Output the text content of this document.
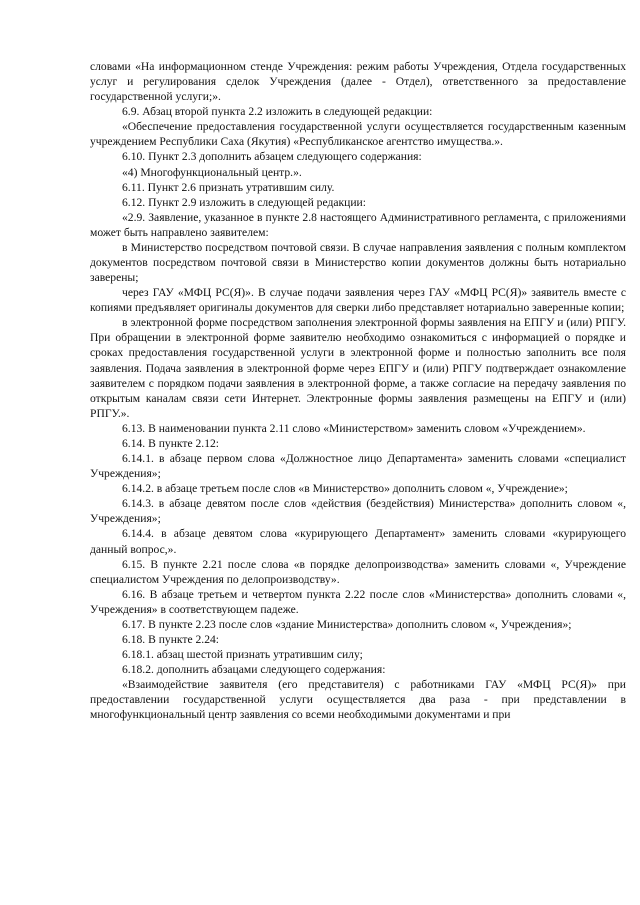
словами «На информационном стенде Учреждения: режим работы Учреждения, Отдела государственных услуг и регулирования сделок Учреждения (далее - Отдел), ответственного за предоставление государственной услуги;».

6.9. Абзац второй пункта 2.2 изложить в следующей редакции:

«Обеспечение предоставления государственной услуги осуществляется государственным казенным учреждением Республики Саха (Якутия) «Республиканское агентство имущества.».

6.10. Пункт 2.3 дополнить абзацем следующего содержания:

«4) Многофункциональный центр.».

6.11. Пункт 2.6 признать утратившим силу.

6.12. Пункт 2.9 изложить в следующей редакции:

«2.9. Заявление, указанное в пункте 2.8 настоящего Административного регламента, с приложениями может быть направлено заявителем:

в Министерство посредством почтовой связи. В случае направления заявления с полным комплектом документов посредством почтовой связи в Министерство копии документов должны быть нотариально заверены;

через ГАУ «МФЦ РС(Я)». В случае подачи заявления через ГАУ «МФЦ РС(Я)» заявитель вместе с копиями предъявляет оригиналы документов для сверки либо представляет нотариально заверенные копии;

в электронной форме посредством заполнения электронной формы заявления на ЕПГУ и (или) РПГУ. При обращении в электронной форме заявителю необходимо ознакомиться с информацией о порядке и сроках предоставления государственной услуги в электронной форме и полностью заполнить все поля заявления. Подача заявления в электронной форме через ЕПГУ и (или) РПГУ подтверждает ознакомление заявителем с порядком подачи заявления в электронной форме, а также согласие на передачу заявления по открытым каналам связи сети Интернет. Электронные формы заявления размещены на ЕПГУ и (или) РПГУ.».

6.13. В наименовании пункта 2.11 слово «Министерством» заменить словом «Учреждением».

6.14. В пункте 2.12:

6.14.1. в абзаце первом слова «Должностное лицо Департамента» заменить словами «специалист Учреждения»;

6.14.2. в абзаце третьем после слов «в Министерство» дополнить словом «, Учреждение»;

6.14.3. в абзаце девятом после слов «действия (бездействия) Министерства» дополнить словом «, Учреждения»;

6.14.4. в абзаце девятом слова «курирующего Департамент» заменить словами «курирующего данный вопрос,».

6.15. В пункте 2.21 после слова «в порядке делопроизводства» заменить словами «, Учреждение специалистом Учреждения по делопроизводству».

6.16. В абзаце третьем и четвертом пункта 2.22 после слов «Министерства» дополнить словами «, Учреждения» в соответствующем падеже.

6.17. В пункте 2.23 после слов «здание Министерства» дополнить словом «, Учреждения»;

6.18. В пункте 2.24:

6.18.1. абзац шестой признать утратившим силу;

6.18.2. дополнить абзацами следующего содержания:

«Взаимодействие заявителя (его представителя) с работниками ГАУ «МФЦ РС(Я)» при предоставлении государственной услуги осуществляется два раза - при представлении в многофункциональный центр заявления со всеми необходимыми документами и при
